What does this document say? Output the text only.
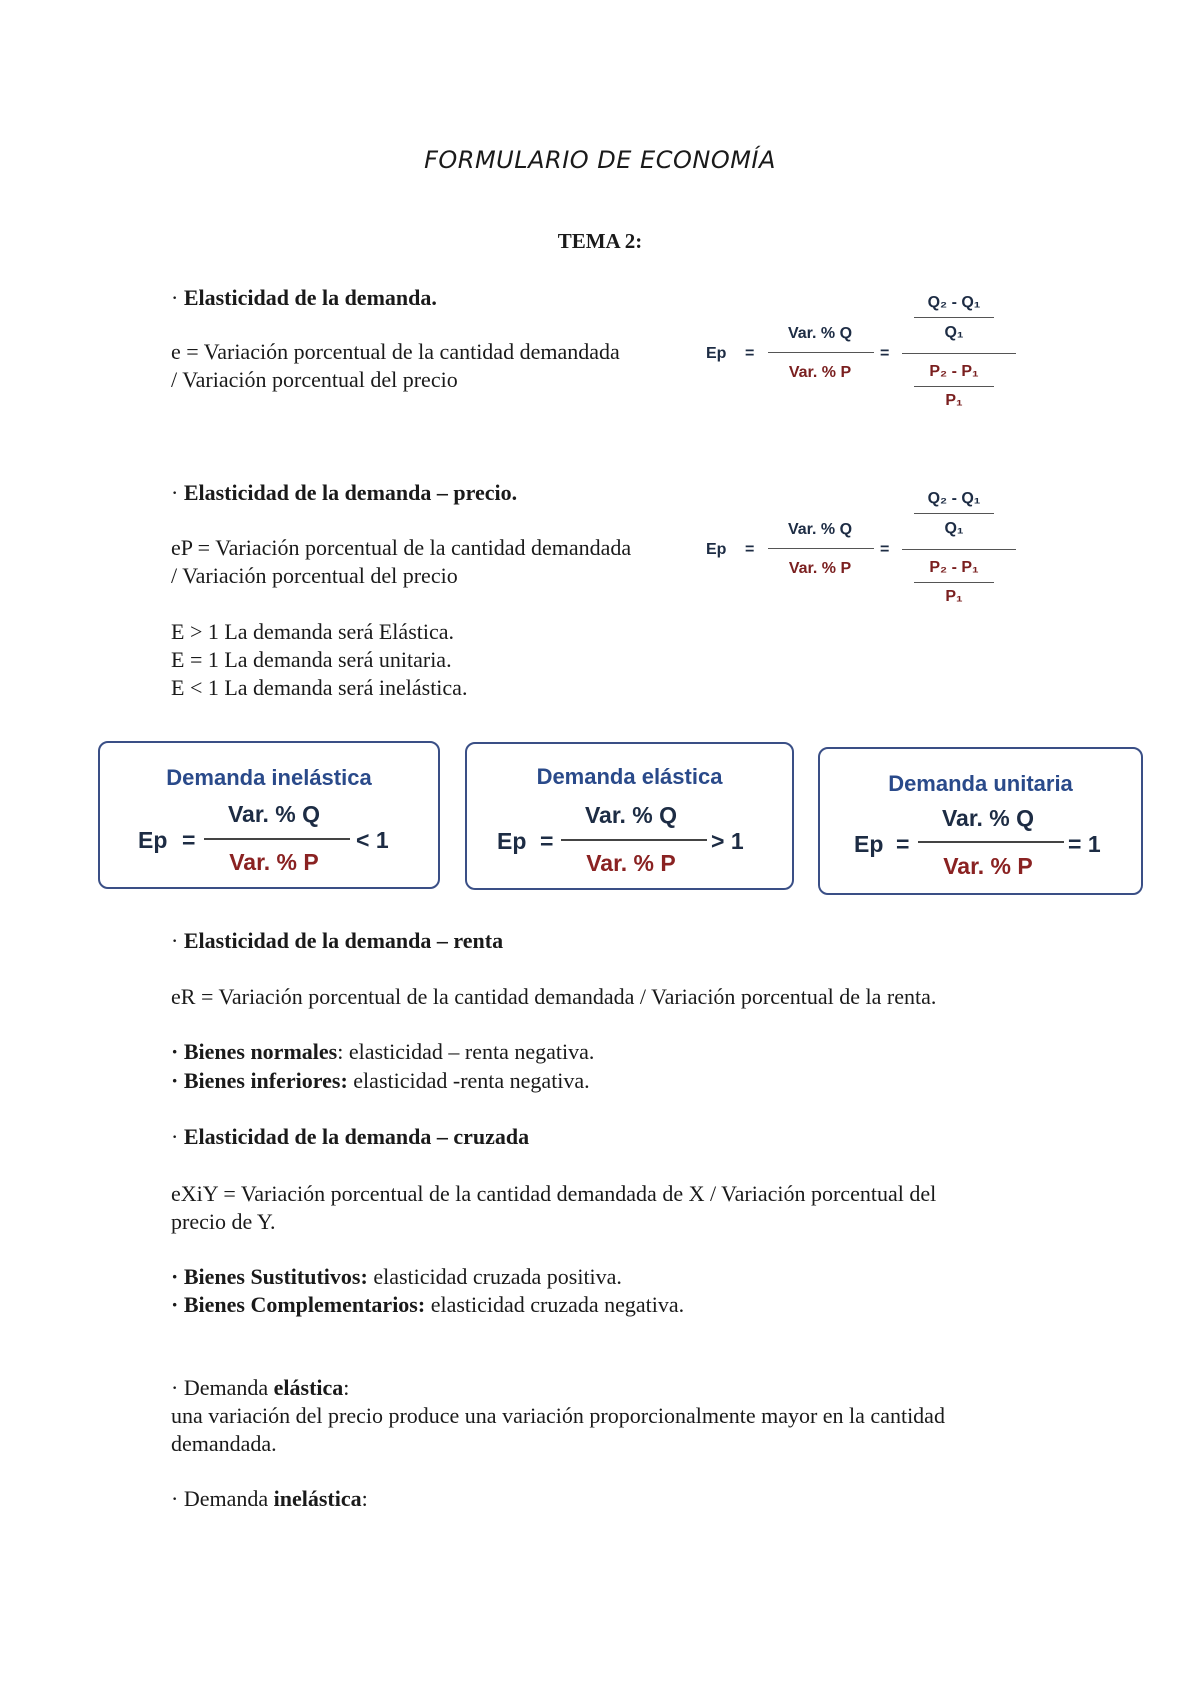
FORMULARIO DE ECONOMÍA
TEMA 2:
· Elasticidad de la demanda.
e = Variación porcentual de la cantidad demandada
/ Variación porcentual del precio
Ep =
Var. % Q
Var. % P
=
Q₂ - Q₁
Q₁
P₂ - P₁
P₁
· Elasticidad de la demanda – precio.
eP = Variación porcentual de la cantidad demandada
/ Variación porcentual del precio
Ep =
Var. % Q
Var. % P
=
Q₂ - Q₁
Q₁
P₂ - P₁
P₁
E > 1 La demanda será Elástica.
E = 1 La demanda será unitaria.
E < 1 La demanda será inelástica.
Demanda inelástica
Ep =
Var. % Q
Var. % P
< 1
Demanda elástica
Ep =
Var. % Q
Var. % P
> 1
Demanda unitaria
Ep =
Var. % Q
Var. % P
= 1
· Elasticidad de la demanda – renta
eR = Variación porcentual de la cantidad demandada / Variación porcentual de la renta.
· Bienes normales: elasticidad – renta negativa.
· Bienes inferiores: elasticidad -renta negativa.
· Elasticidad de la demanda – cruzada
eXiY = Variación porcentual de la cantidad demandada de X / Variación porcentual del
precio de Y.
· Bienes Sustitutivos: elasticidad cruzada positiva.
· Bienes Complementarios: elasticidad cruzada negativa.
· Demanda elástica:
una variación del precio produce una variación proporcionalmente mayor en la cantidad
demandada.
· Demanda inelástica:
